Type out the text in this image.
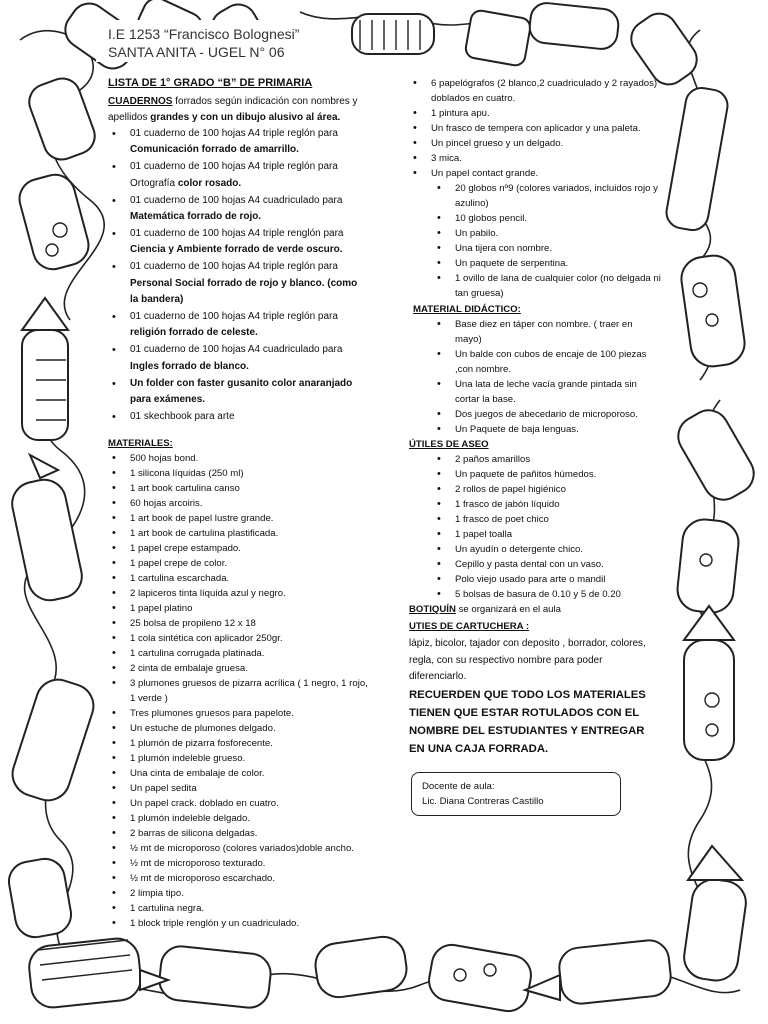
I.E 1253 “Francisco Bolognesi”
SANTA ANITA - UGEL N° 06

LISTA DE 1° GRADO “B” DE PRIMARIA

CUADERNOS forrados según indicación con nombres y apellidos grandes y con un dibujo alusivo al área.

• 01 cuaderno de 100 hojas A4 triple reglón para Comunicación forrado de amarrillo.
• 01 cuaderno de 100 hojas A4 triple reglón para Ortografía color rosado.
• 01 cuaderno de 100 hojas A4 cuadriculado para Matemática forrado de rojo.
• 01 cuaderno de 100 hojas A4 triple renglón para Ciencia y Ambiente forrado de verde oscuro.
• 01 cuaderno de 100 hojas A4 triple reglón para Personal Social forrado de rojo y blanco. (como la bandera)
• 01 cuaderno de 100 hojas A4 triple reglón para religión forrado de celeste.
• 01 cuaderno de 100 hojas A4 cuadriculado para Ingles forrado de blanco.
• Un folder con faster gusanito color anaranjado para exámenes.
• 01 skechbook para arte

MATERIALES:

• 500 hojas bond.
• 1 silicona líquidas (250 ml)
• 1 art book cartulina canso
• 60 hojas arcoiris.
• 1 art book de papel lustre grande.
• 1 art book de cartulina plastificada.
• 1 papel crepe estampado.
• 1 papel crepe de color.
• 1 cartulina escarchada.
• 2 lapiceros tinta líquida azul y negro.
• 1 papel platino
• 25 bolsa de propileno 12 x 18
• 1 cola sintética con aplicador 250gr.
• 1 cartulina corrugada platinada.
• 2 cinta de embalaje gruesa.
• 3 plumones gruesos de pizarra acrílica ( 1 negro, 1 rojo, 1 verde )
• Tres plumones gruesos para papelote.
• Un estuche de plumones delgado.
• 1 plumón de pizarra fosforecente.
• 1 plumón indeleble grueso.
• Una cinta de embalaje de color.
• Un papel sedita
• Un papel crack. doblado en cuatro.
• 1 plumón indeleble delgado.
• 2 barras de silicona delgadas.
• ½ mt de microporoso (colores variados)doble ancho.
• ½ mt de microporoso texturado.
• ½ mt de microporoso escarchado.
• 2 limpia tipo.
• 1 cartulina negra.
• 1 block triple renglón y un cuadriculado.
• 6 papelógrafos (2 blanco,2 cuadriculado y 2 rayados) doblados en cuatro.
• 1 pintura apu.
• Un frasco de tempera con aplicador y una paleta.
• Un pincel grueso y un delgado.
• 3 mica.
• Un papel contact grande.
• 20 globos nº9 (colores variados, incluidos rojo y azulino)
• 10 globos pencil.
• Un pabilo.
• Una tijera con nombre.
• Un paquete de serpentina.
• 1 ovillo de lana de cualquier color (no delgada ni tan gruesa)

MATERIAL DIDÁCTICO:

• Base diez en táper con nombre. ( traer en mayo)
• Un balde con cubos de encaje de 100 piezas ,con nombre.
• Una lata de leche vacía grande pintada sin cortar la base.
• Dos juegos de abecedario de microporoso.
• Un Paquete de baja lenguas.

ÚTILES DE ASEO

• 2 paños amarillos
• Un paquete de pañitos húmedos.
• 2 rollos de papel higiénico
• 1 frasco de jabón líquido
• 1 frasco de poet chico
• 1 papel toalla
• Un ayudín o detergente chico.
• Cepillo y pasta dental con un vaso.
• Polo viejo usado para arte o mandil
• 5 bolsas de basura de 0.10 y 5 de 0.20

BOTIQUÍN se organizará en el aula

UTIES DE CARTUCHERA :

lápiz, bicolor, tajador con deposito , borrador, colores, regla, con su respectivo nombre para poder diferenciarlo.

RECUERDEN QUE TODO LOS MATERIALES TIENEN QUE ESTAR ROTULADOS CON EL NOMBRE DEL ESTUDIANTES Y ENTREGAR EN UNA CAJA FORRADA.

Docente de aula:
Lic. Diana Contreras Castillo
